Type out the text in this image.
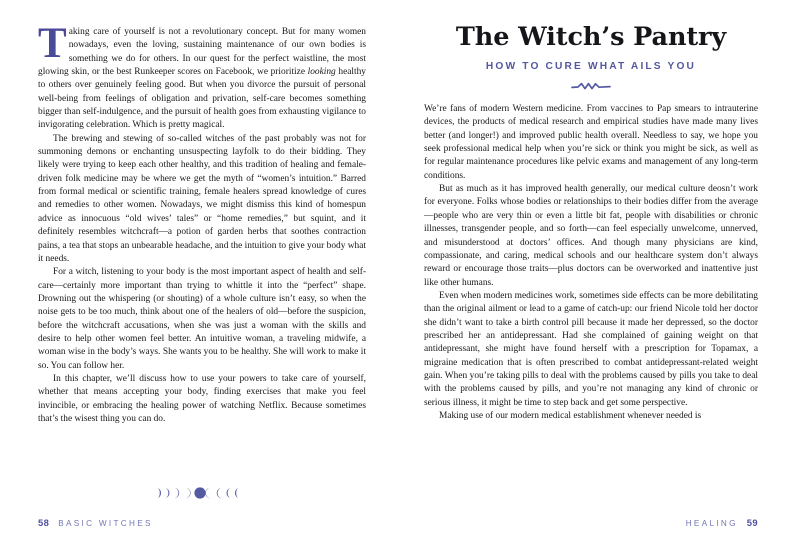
Taking care of yourself is not a revolutionary concept. But for many women nowadays, even the loving, sustaining maintenance of our own bodies is something we do for others. In our quest for the perfect waistline, the most glowing skin, or the best Runkeeper scores on Facebook, we prioritize looking healthy to others over genuinely feeling good. But when you divorce the pursuit of personal well-being from feelings of obligation and privation, self-care becomes something bigger than self-indulgence, and the pursuit of health goes from exhausting vigilance to invigorating celebration. Which is pretty magical.

The brewing and stewing of so-called witches of the past probably was not for summoning demons or enchanting unsuspecting layfolk to do their bidding. They likely were trying to keep each other healthy, and this tradition of healing and female-driven folk medicine may be where we get the myth of “women’s intuition.” Barred from formal medical or scientific training, female healers spread knowledge of cures and remedies to other women. Nowadays, we might dismiss this kind of homespun advice as innocuous “old wives’ tales” or “home remedies,” but squint, and it definitely resembles witchcraft—a potion of garden herbs that soothes contraction pains, a tea that stops an unbearable headache, and the intuition to give your body what it needs.

For a witch, listening to your body is the most important aspect of health and self-care—certainly more important than trying to whittle it into the “perfect” shape. Drowning out the whispering (or shouting) of a whole culture isn’t easy, so when the noise gets to be too much, think about one of the healers of old—before the suspicion, before the witchcraft accusations, when she was just a woman with the skills and desire to help other women feel better. An intuitive woman, a traveling midwife, a woman wise in the body’s ways. She wants you to be healthy. She will work to make it so. You can follow her.

In this chapter, we’ll discuss how to use your powers to take care of yourself, whether that means accepting your body, finding exercises that make you feel invincible, or embracing the healing power of watching Netflix. Because sometimes that’s the wisest thing you can do.

58 BASIC WITCHES
The Witch’s Pantry
HOW TO CURE WHAT AILS YOU

We’re fans of modern Western medicine. From vaccines to Pap smears to intrauterine devices, the products of medical research and empirical studies have made many lives better (and longer!) and improved public health overall. Needless to say, we hope you seek professional medical help when you’re sick or think you might be sick, as well as for regular maintenance procedures like pelvic exams and management of any long-term conditions.

But as much as it has improved health generally, our medical culture deosn’t work for everyone. Folks whose bodies or relationships to their bodies differ from the average—people who are very thin or even a little bit fat, people with disabilities or chronic illnesses, transgender people, and so forth—can feel especially unwelcome, unnerved, and misunderstood at doctors’ offices. And though many physicians are kind, compassionate, and caring, medical schools and our healthcare system don’t always reward or encourage those traits—plus doctors can be overworked and inattentive just like other humans.

Even when modern medicines work, sometimes side effects can be more debilitating than the original ailment or lead to a game of catch-up: our friend Nicole told her doctor she didn’t want to take a birth control pill because it made her depressed, so the doctor prescribed her an antidepressant. Had she complained of gaining weight on that antidepressant, she might have found herself with a prescription for Topamax, a migraine medication that is often prescribed to combat antidepressant-related weight gain. When you’re taking pills to deal with the problems caused by pills you take to deal with the problems caused by pills, and you’re not managing any kind of chronic or serious illness, it might be time to step back and get some perspective.

Making use of our modern medical establishment whenever needed is

HEALING 59
